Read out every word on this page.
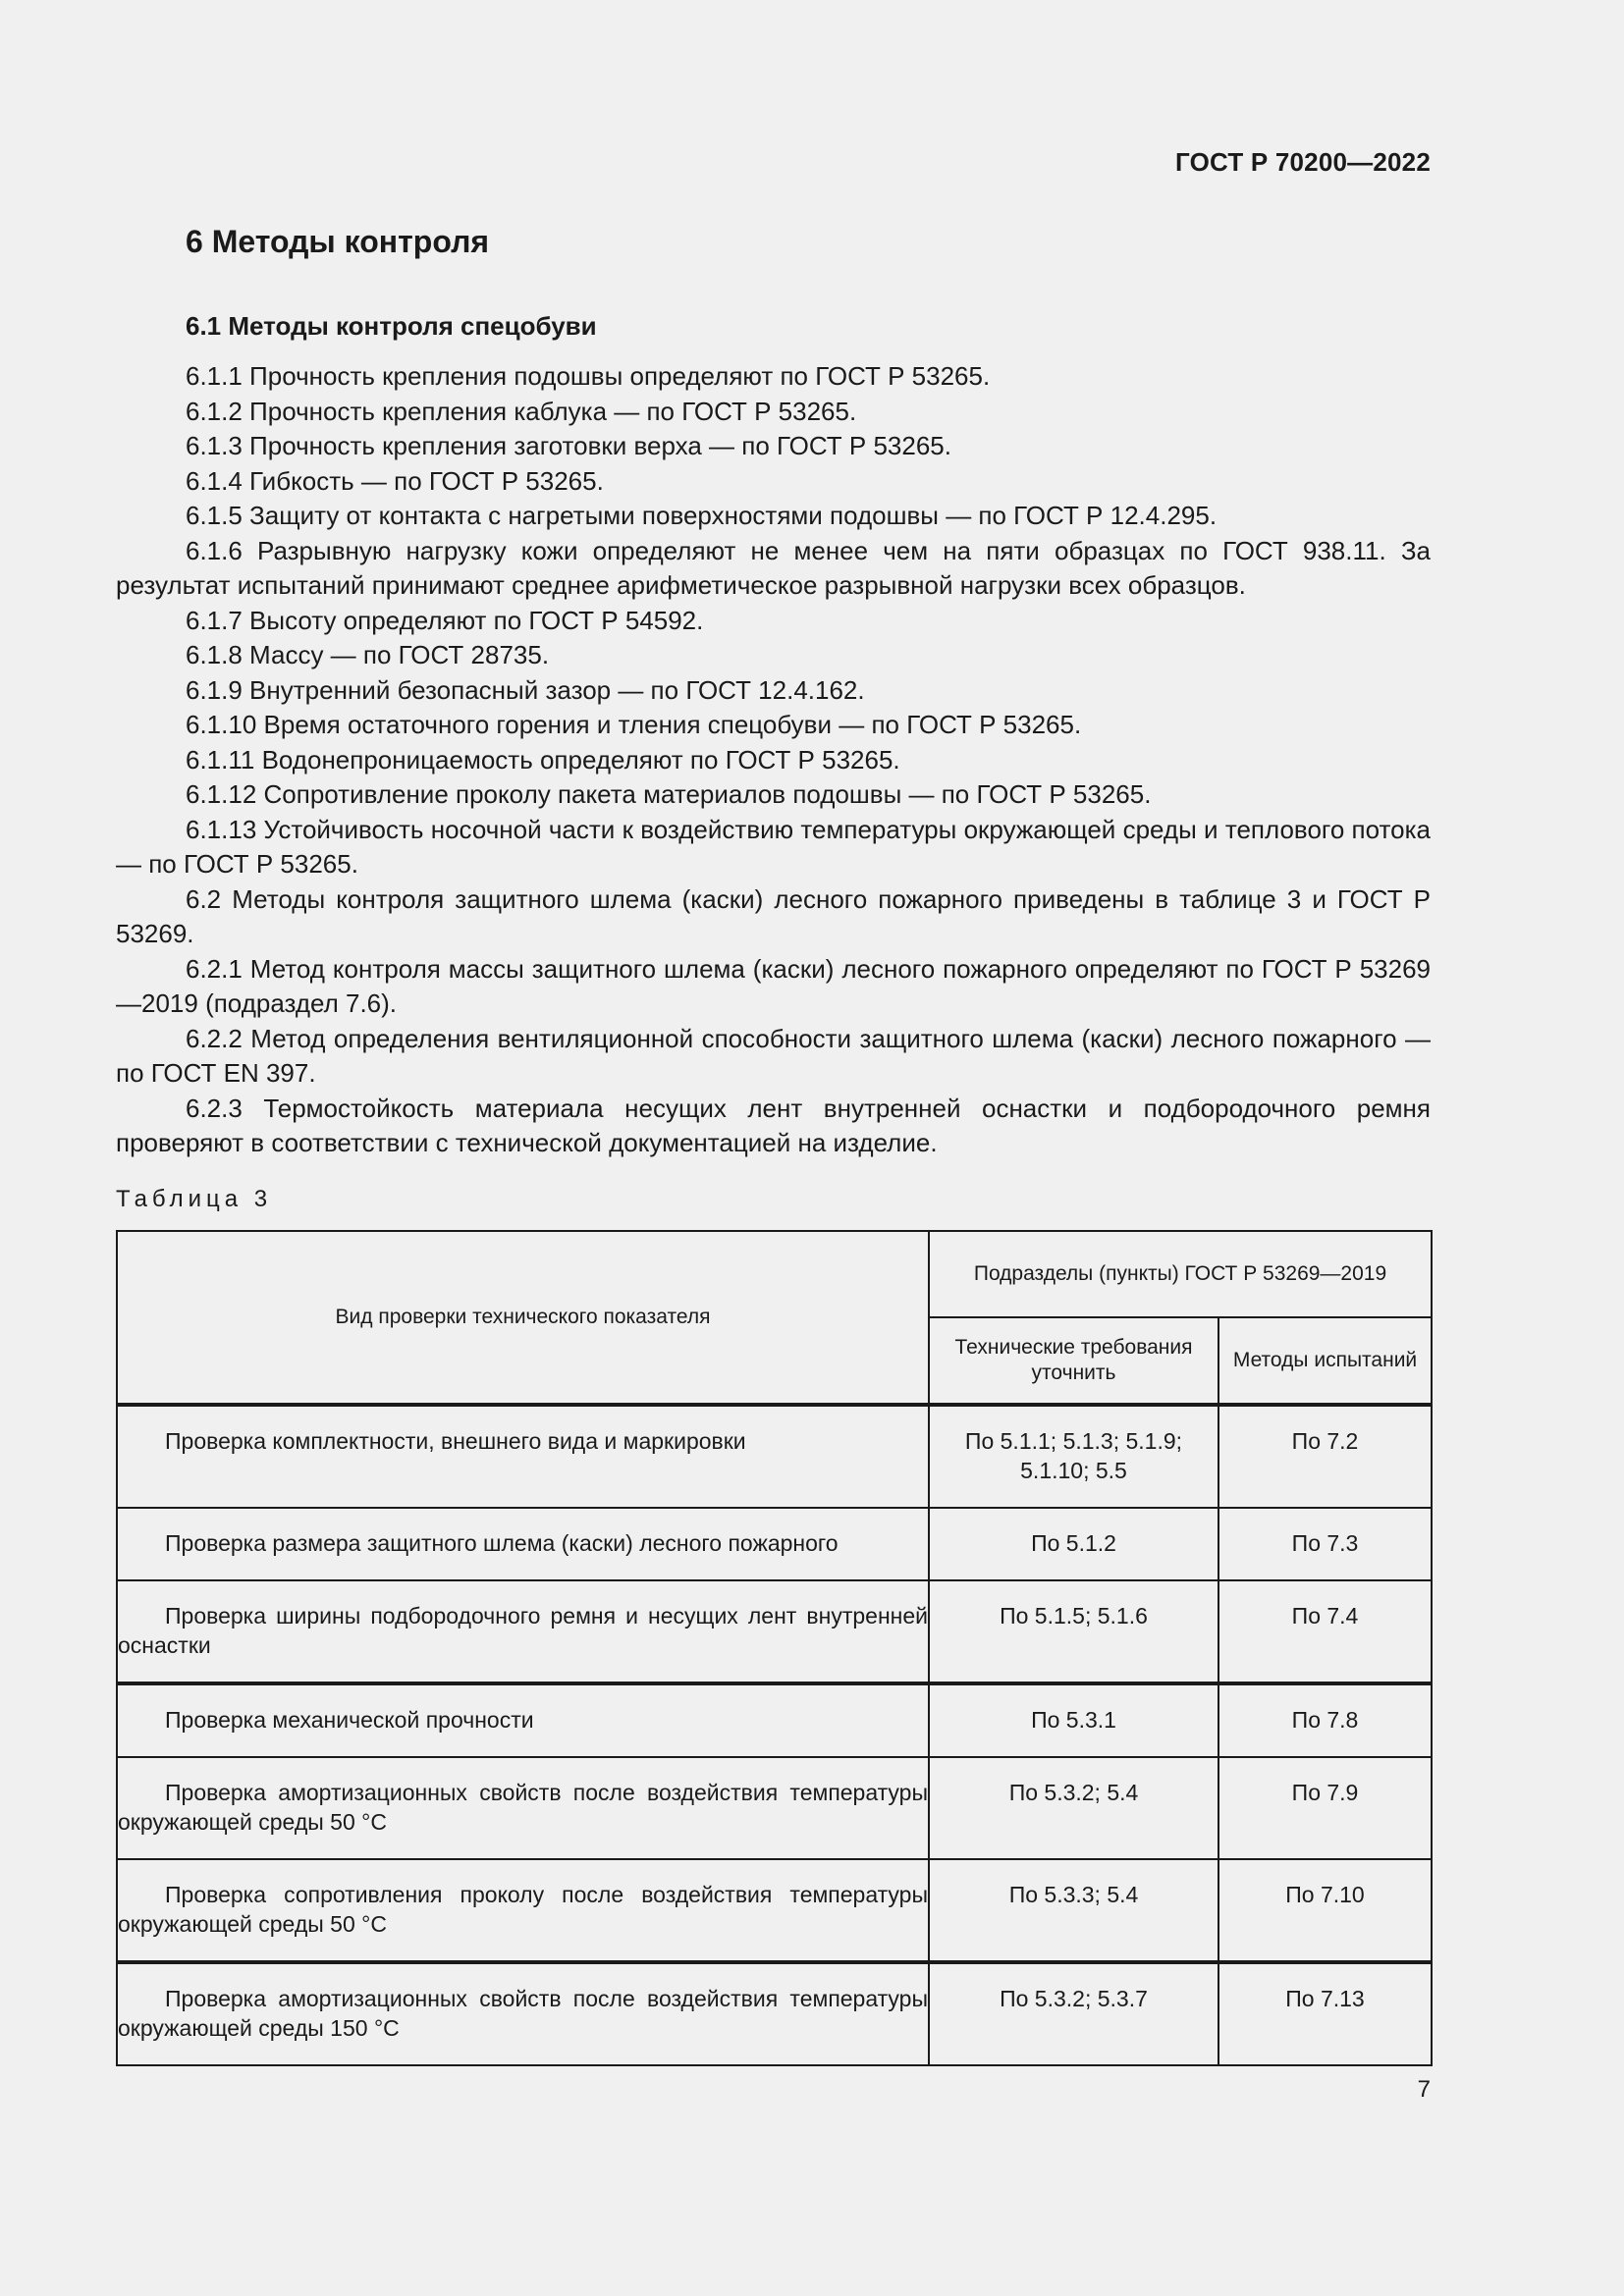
ГОСТ Р 70200—2022
6 Методы контроля
6.1 Методы контроля спецобуви

6.1.1 Прочность крепления подошвы определяют по ГОСТ Р 53265.

6.1.2 Прочность крепления каблука — по ГОСТ Р 53265.

6.1.3 Прочность крепления заготовки верха — по ГОСТ Р 53265.

6.1.4 Гибкость — по ГОСТ Р 53265.

6.1.5 Защиту от контакта с нагретыми поверхностями подошвы — по ГОСТ Р 12.4.295.

6.1.6 Разрывную нагрузку кожи определяют не менее чем на пяти образцах по ГОСТ 938.11. За результат испытаний принимают среднее арифметическое разрывной нагрузки всех образцов.

6.1.7 Высоту определяют по ГОСТ Р 54592.

6.1.8 Массу — по ГОСТ 28735.

6.1.9 Внутренний безопасный зазор — по ГОСТ 12.4.162.

6.1.10 Время остаточного горения и тления спецобуви — по ГОСТ Р 53265.

6.1.11 Водонепроницаемость определяют по ГОСТ Р 53265.

6.1.12 Сопротивление проколу пакета материалов подошвы — по ГОСТ Р 53265.

6.1.13 Устойчивость носочной части к воздействию температуры окружающей среды и теплового потока — по ГОСТ Р 53265.

6.2 Методы контроля защитного шлема (каски) лесного пожарного приведены в таблице 3 и ГОСТ Р 53269.

6.2.1 Метод контроля массы защитного шлема (каски) лесного пожарного определяют по ГОСТ Р 53269—2019 (подраздел 7.6).

6.2.2 Метод определения вентиляционной способности защитного шлема (каски) лесного пожарного — по ГОСТ EN 397.

6.2.3 Термостойкость материала несущих лент внутренней оснастки и подбородочного ремня проверяют в соответствии с технической документацией на изделие.

Таблица 3
Вид проверки технического показателя	Подразделы (пункты) ГОСТ Р 53269—2019	
	Технические требования уточнить	Методы испытаний
Проверка комплектности, внешнего вида и маркировки	По 5.1.1; 5.1.3; 5.1.9; 5.1.10; 5.5	По 7.2
Проверка размера защитного шлема (каски) лесного пожарного	По 5.1.2	По 7.3
Проверка ширины подбородочного ремня и несущих лент внутренней оснастки	По 5.1.5; 5.1.6	По 7.4
Проверка механической прочности	По 5.3.1	По 7.8
Проверка амортизационных свойств после воздействия температуры окружающей среды 50 °С	По 5.3.2; 5.4	По 7.9
Проверка сопротивления проколу после воздействия температуры окружающей среды 50 °С	По 5.3.3; 5.4	По 7.10
Проверка амортизационных свойств после воздействия температуры окружающей среды 150 °С	По 5.3.2; 5.3.7	По 7.13
7
